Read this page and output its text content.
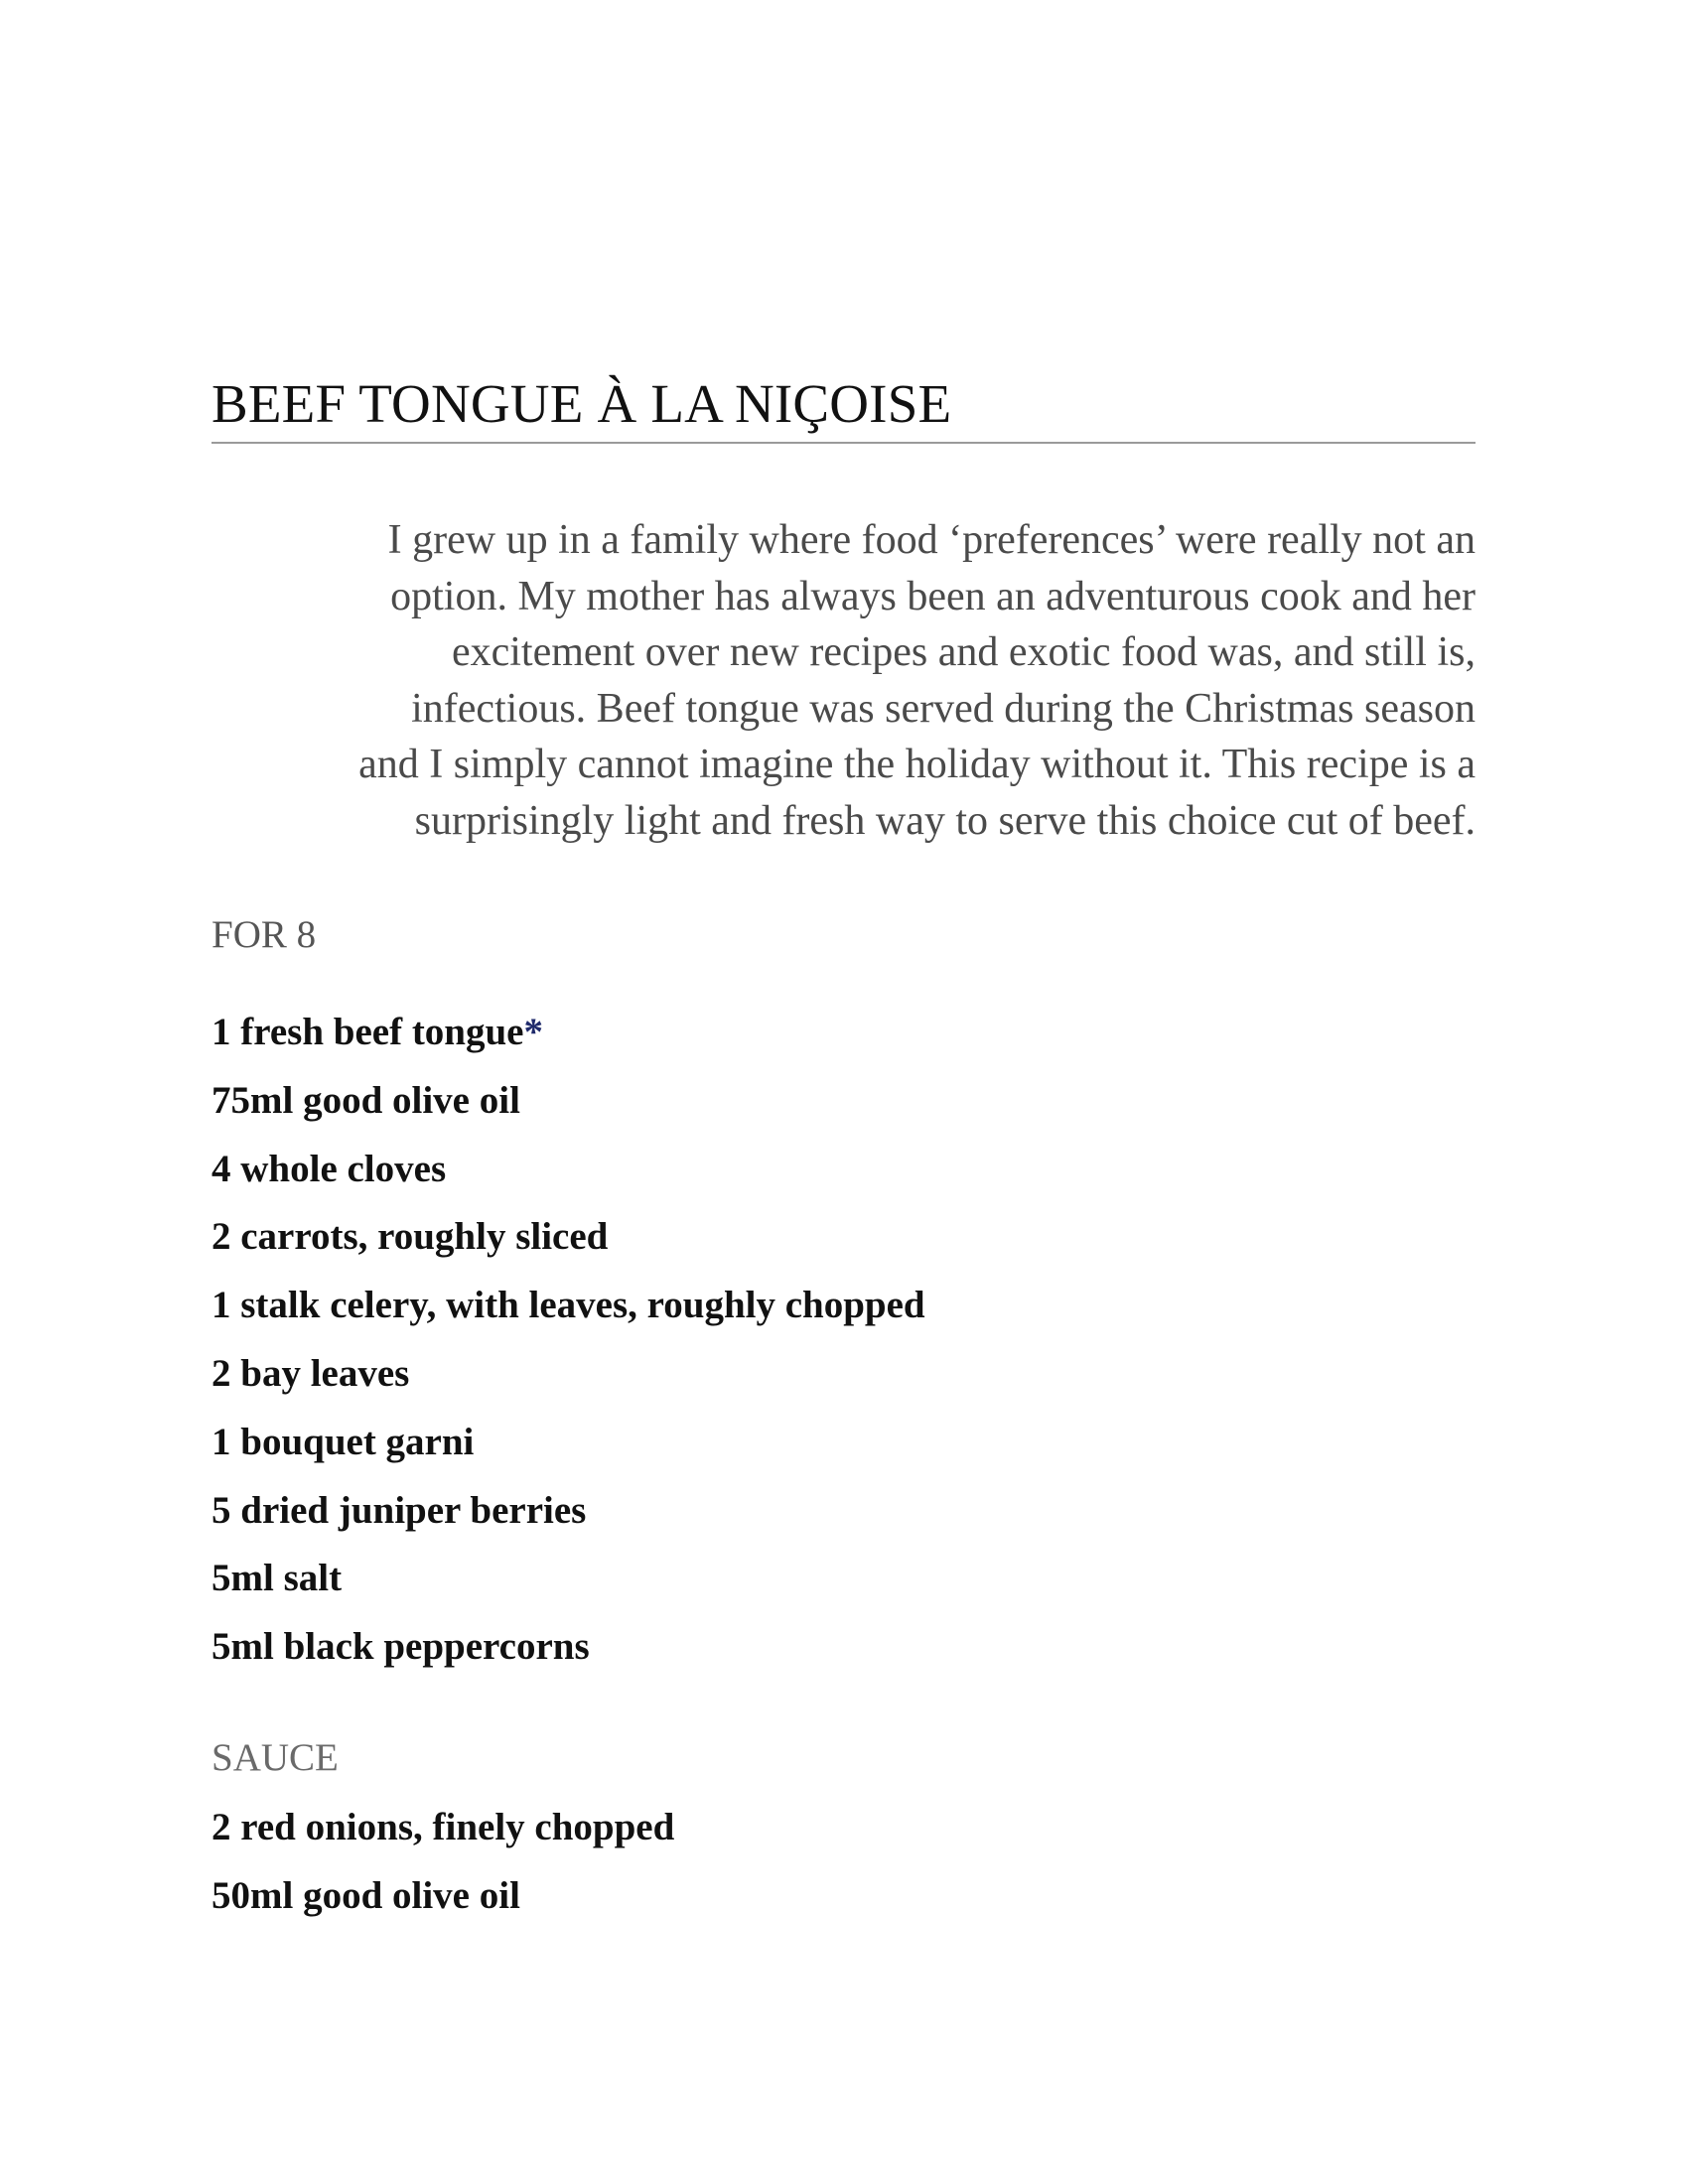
BEEF TONGUE À LA NIÇOISE

I grew up in a family where food ‘preferences’ were really not an
option. My mother has always been an adventurous cook and her
excitement over new recipes and exotic food was, and still is,
infectious. Beef tongue was served during the Christmas season
and I simply cannot imagine the holiday without it. This recipe is a
surprisingly light and fresh way to serve this choice cut of beef.

FOR 8
1 fresh beef tongue*
75ml good olive oil
4 whole cloves
2 carrots, roughly sliced
1 stalk celery, with leaves, roughly chopped
2 bay leaves
1 bouquet garni
5 dried juniper berries
5ml salt
5ml black peppercorns
SAUCE
2 red onions, finely chopped
50ml good olive oil
